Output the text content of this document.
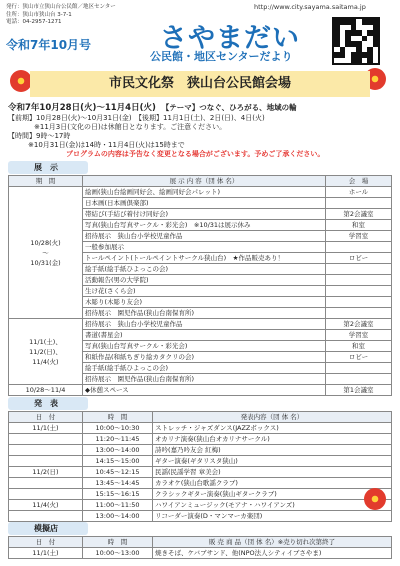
発行：狭山市立狭山台公民館／地区センター
住所：狭山市狭山台 3-7-1
電話：04-2957-1271
http://www.city.sayama.saitama.jp
令和7年10月号	さやまだい
公民館・地区センターだより
市民文化祭　狭山台公民館会場
令和7年10月28日(火)～11月4日(火) 【テーマ】つなぐ、ひろがる、地域の輪
【前期】10月28日(火)～10月31日(金)　【後期】11月1日(土)、2日(日)、4日(火)
※11月3日(文化の日)は休館日となります。ご注意ください。
【時間】9時～17時
※10月31日(金)は14時・11月4日(火)は15時まで
プログラムの内容は予告なく変更となる場合がございます。予めご了承ください。
展　示
期　間	展 示 内 容（団 体 名）	会　場
10/28(火)
～
10/31(金)	絵画(狭山台絵画同好会、絵画同好会パレット)	ホール
	日本画(日本画倶楽部)	
	帯結び(手結び着付け同好会)	第2会議室
	写真(狭山台写真サークル・彩光会)　※10/31は展示休み	和室
	招待展示　狭山台小学校児童作品	学習室
	一般参加展示	
	トールペイント(トールペイントサークル狭山台)　★作品販売あり！	ロビー
	絵手紙(絵手紙ひよっこの会)	
	活動報告(男の大学院)	
	生け花(さくら会)	
	木彫り(木彫り友会)	
	招待展示　園児作品(狭山台南保育所)	
11/1(土)、
11/2(日)、
11/4(火)	招待展示　狭山台小学校児童作品	第2会議室
	書道(書星会)	学習室
	写真(狭山台写真サークル・彩光会)	和室
	和紙作品(和紙ちぎり絵カタクリの会)	ロビー
	絵手紙(絵手紙ひよっこの会)	
	招待展示　園児作品(狭山台南保育所)	
10/28～11/4	◆休憩スペース	第1会議室
発　表
日　付	時　間	発表内容（団 体 名）
11/1(土)	10:00～10:30	ストレッチ・ジャズダンス(JAZZボックス)
	11:20～11:45	オカリナ演奏(狭山台オカリナサークル)
	13:00～14:00	詩吟(嘉乃吟友会 紅梅)
	14:15～15:00	ギター演奏(ギタリスタ狭山)
11/2(日)	10:45～12:15	民謡(民謡学習 章美会)
	13:45～14:45	カラオケ(狭山台歌謡クラブ)
	15:15～16:15	クラシックギター演奏(狭山ギタークラブ)
11/4(火)	11:00～11:50	ハワイアンミュージック(モアナ・ハワイアンズ)
	13:00～14:00	リコーダー演奏(D・マンマーカ楽団)
模擬店
日　付	時　間	販 売 商 品（団 体 名）※売り切れ次第終了
11/1(土)	10:00～13:00	焼きそば、ケバブサンド、他(NPO法人シティイブさやま)
